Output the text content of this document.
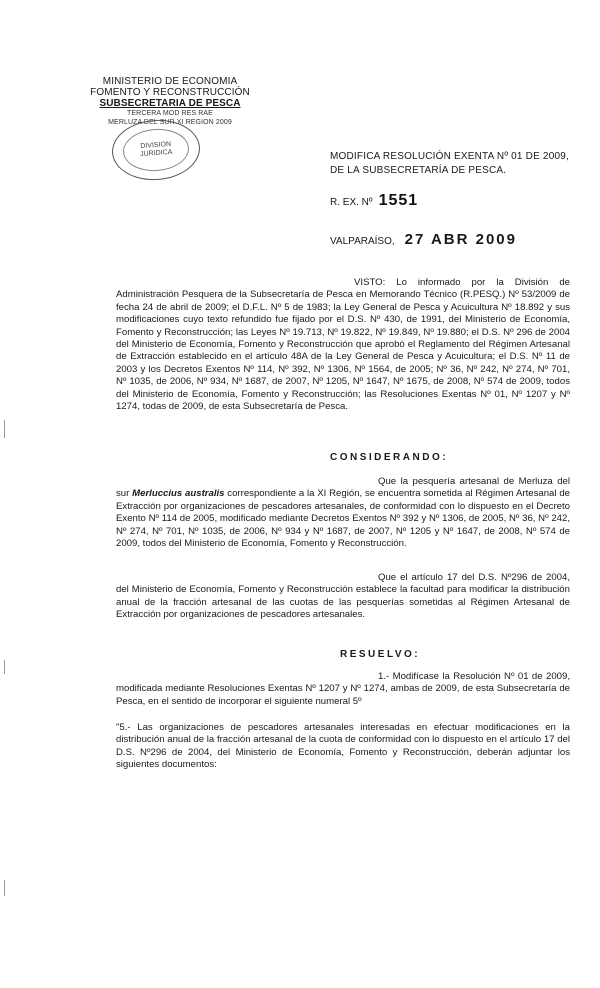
MINISTERIO DE ECONOMIA
FOMENTO Y RECONSTRUCCIÓN
SUBSECRETARIA DE PESCA
TERCERA MOD RES RAE
MERLUZA DEL SUR XI REGION 2009
DIVISION
JURIDICA	MODIFICA RESOLUCIÓN EXENTA Nº 01 DE 2009, DE LA SUBSECRETARÍA DE PESCA.
R. EX. Nº 1551
VALPARAÍSO, 27 ABR 2009
VISTO: Lo informado por la División de Administración Pesquera de la Subsecretaría de Pesca en Memorando Técnico (R.PESQ.) Nº 53/2009 de fecha 24 de abril de 2009; el D.F.L. Nº 5 de 1983; la Ley General de Pesca y Acuicultura Nº 18.892 y sus modificaciones cuyo texto refundido fue fijado por el D.S. Nº 430, de 1991, del Ministerio de Economía, Fomento y Reconstrucción; las Leyes Nº 19.713, Nº 19.822, Nº 19.849, Nº 19.880; el D.S. Nº 296 de 2004 del Ministerio de Economía, Fomento y Reconstrucción que aprobó el Reglamento del Régimen Artesanal de Extracción establecido en el artículo 48A de la Ley General de Pesca y Acuicultura; el D.S. Nº 11 de 2003 y los Decretos Exentos Nº 114, Nº 392, Nº 1306, Nº 1564, de 2005; Nº 36, Nº 242, Nº 274, Nº 701, Nº 1035, de 2006, Nº 934, Nº 1687, de 2007, Nº 1205, Nº 1647, Nº 1675, de 2008, Nº 574 de 2009, todos del Ministerio de Economía, Fomento y Reconstrucción; las Resoluciones Exentas Nº 01, Nº 1207 y Nº 1274, todas de 2009, de esta Subsecretaría de Pesca.
CONSIDERANDO:
Que la pesquería artesanal de Merluza del sur Merluccius australis correspondiente a la XI Región, se encuentra sometida al Régimen Artesanal de Extracción por organizaciones de pescadores artesanales, de conformidad con lo dispuesto en el Decreto Exento Nº 114 de 2005, modificado mediante Decretos Exentos Nº 392 y Nº 1306, de 2005, Nº 36, Nº 242, Nº 274, Nº 701, Nº 1035, de 2006, Nº 934 y Nº 1687, de 2007, Nº 1205 y Nº 1647, de 2008, Nº 574 de 2009, todos del Ministerio de Economía, Fomento y Reconstrucción.
Que el artículo 17 del D.S. Nº296 de 2004, del Ministerio de Economía, Fomento y Reconstrucción establece la facultad para modificar la distribución anual de la fracción artesanal de las cuotas de las pesquerías sometidas al Régimen Artesanal de Extracción por organizaciones de pescadores artesanales.
RESUELVO:
1.- Modifícase la Resolución Nº 01 de 2009, modificada mediante Resoluciones Exentas Nº 1207 y Nº 1274, ambas de 2009, de esta Subsecretaría de Pesca, en el sentido de incorporar el siguiente numeral 5º
"5.- Las organizaciones de pescadores artesanales interesadas en efectuar modificaciones en la distribución anual de la fracción artesanal de la cuota de conformidad con lo dispuesto en el artículo 17 del D.S. Nº296 de 2004, del Ministerio de Economía, Fomento y Reconstrucción, deberán adjuntar los siguientes documentos:
